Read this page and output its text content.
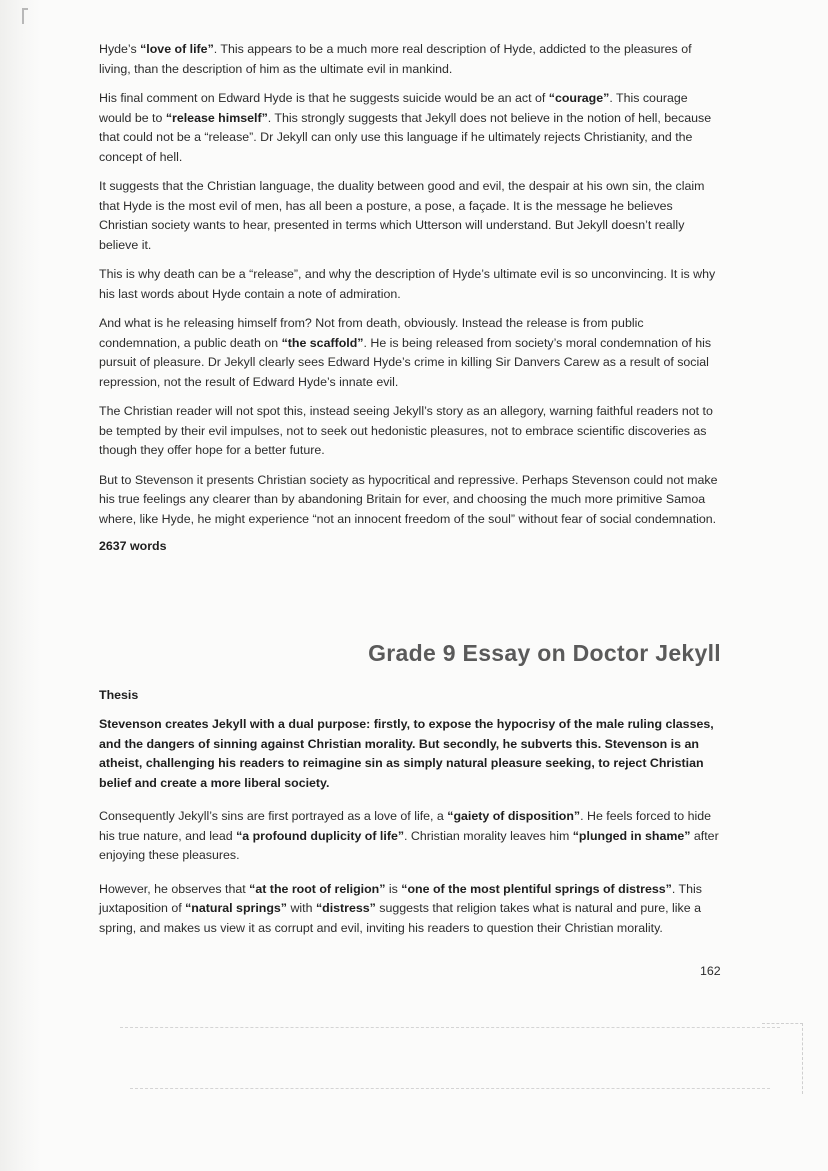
Hyde’s “love of life”. This appears to be a much more real description of Hyde, addicted to the pleasures of living, than the description of him as the ultimate evil in mankind.

His final comment on Edward Hyde is that he suggests suicide would be an act of “courage”. This courage would be to “release himself”. This strongly suggests that Jekyll does not believe in the notion of hell, because that could not be a “release”. Dr Jekyll can only use this language if he ultimately rejects Christianity, and the concept of hell.

It suggests that the Christian language, the duality between good and evil, the despair at his own sin, the claim that Hyde is the most evil of men, has all been a posture, a pose, a façade. It is the message he believes Christian society wants to hear, presented in terms which Utterson will understand. But Jekyll doesn’t really believe it.

This is why death can be a “release”, and why the description of Hyde’s ultimate evil is so unconvincing. It is why his last words about Hyde contain a note of admiration.

And what is he releasing himself from? Not from death, obviously. Instead the release is from public condemnation, a public death on “the scaffold”. He is being released from society’s moral condemnation of his pursuit of pleasure. Dr Jekyll clearly sees Edward Hyde’s crime in killing Sir Danvers Carew as a result of social repression, not the result of Edward Hyde’s innate evil.

The Christian reader will not spot this, instead seeing Jekyll’s story as an allegory, warning faithful readers not to be tempted by their evil impulses, not to seek out hedonistic pleasures, not to embrace scientific discoveries as though they offer hope for a better future.

But to Stevenson it presents Christian society as hypocritical and repressive. Perhaps Stevenson could not make his true feelings any clearer than by abandoning Britain for ever, and choosing the much more primitive Samoa where, like Hyde, he might experience “not an innocent freedom of the soul” without fear of social condemnation.

2637 words
Grade 9 Essay on Doctor Jekyll
Thesis

Stevenson creates Jekyll with a dual purpose: firstly, to expose the hypocrisy of the male ruling classes, and the dangers of sinning against Christian morality. But secondly, he subverts this. Stevenson is an atheist, challenging his readers to reimagine sin as simply natural pleasure seeking, to reject Christian belief and create a more liberal society.

Consequently Jekyll’s sins are first portrayed as a love of life, a “gaiety of disposition”. He feels forced to hide his true nature, and lead “a profound duplicity of life”. Christian morality leaves him “plunged in shame” after enjoying these pleasures.

However, he observes that “at the root of religion” is “one of the most plentiful springs of distress”. This juxtaposition of “natural springs” with “distress” suggests that religion takes what is natural and pure, like a spring, and makes us view it as corrupt and evil, inviting his readers to question their Christian morality.

162
